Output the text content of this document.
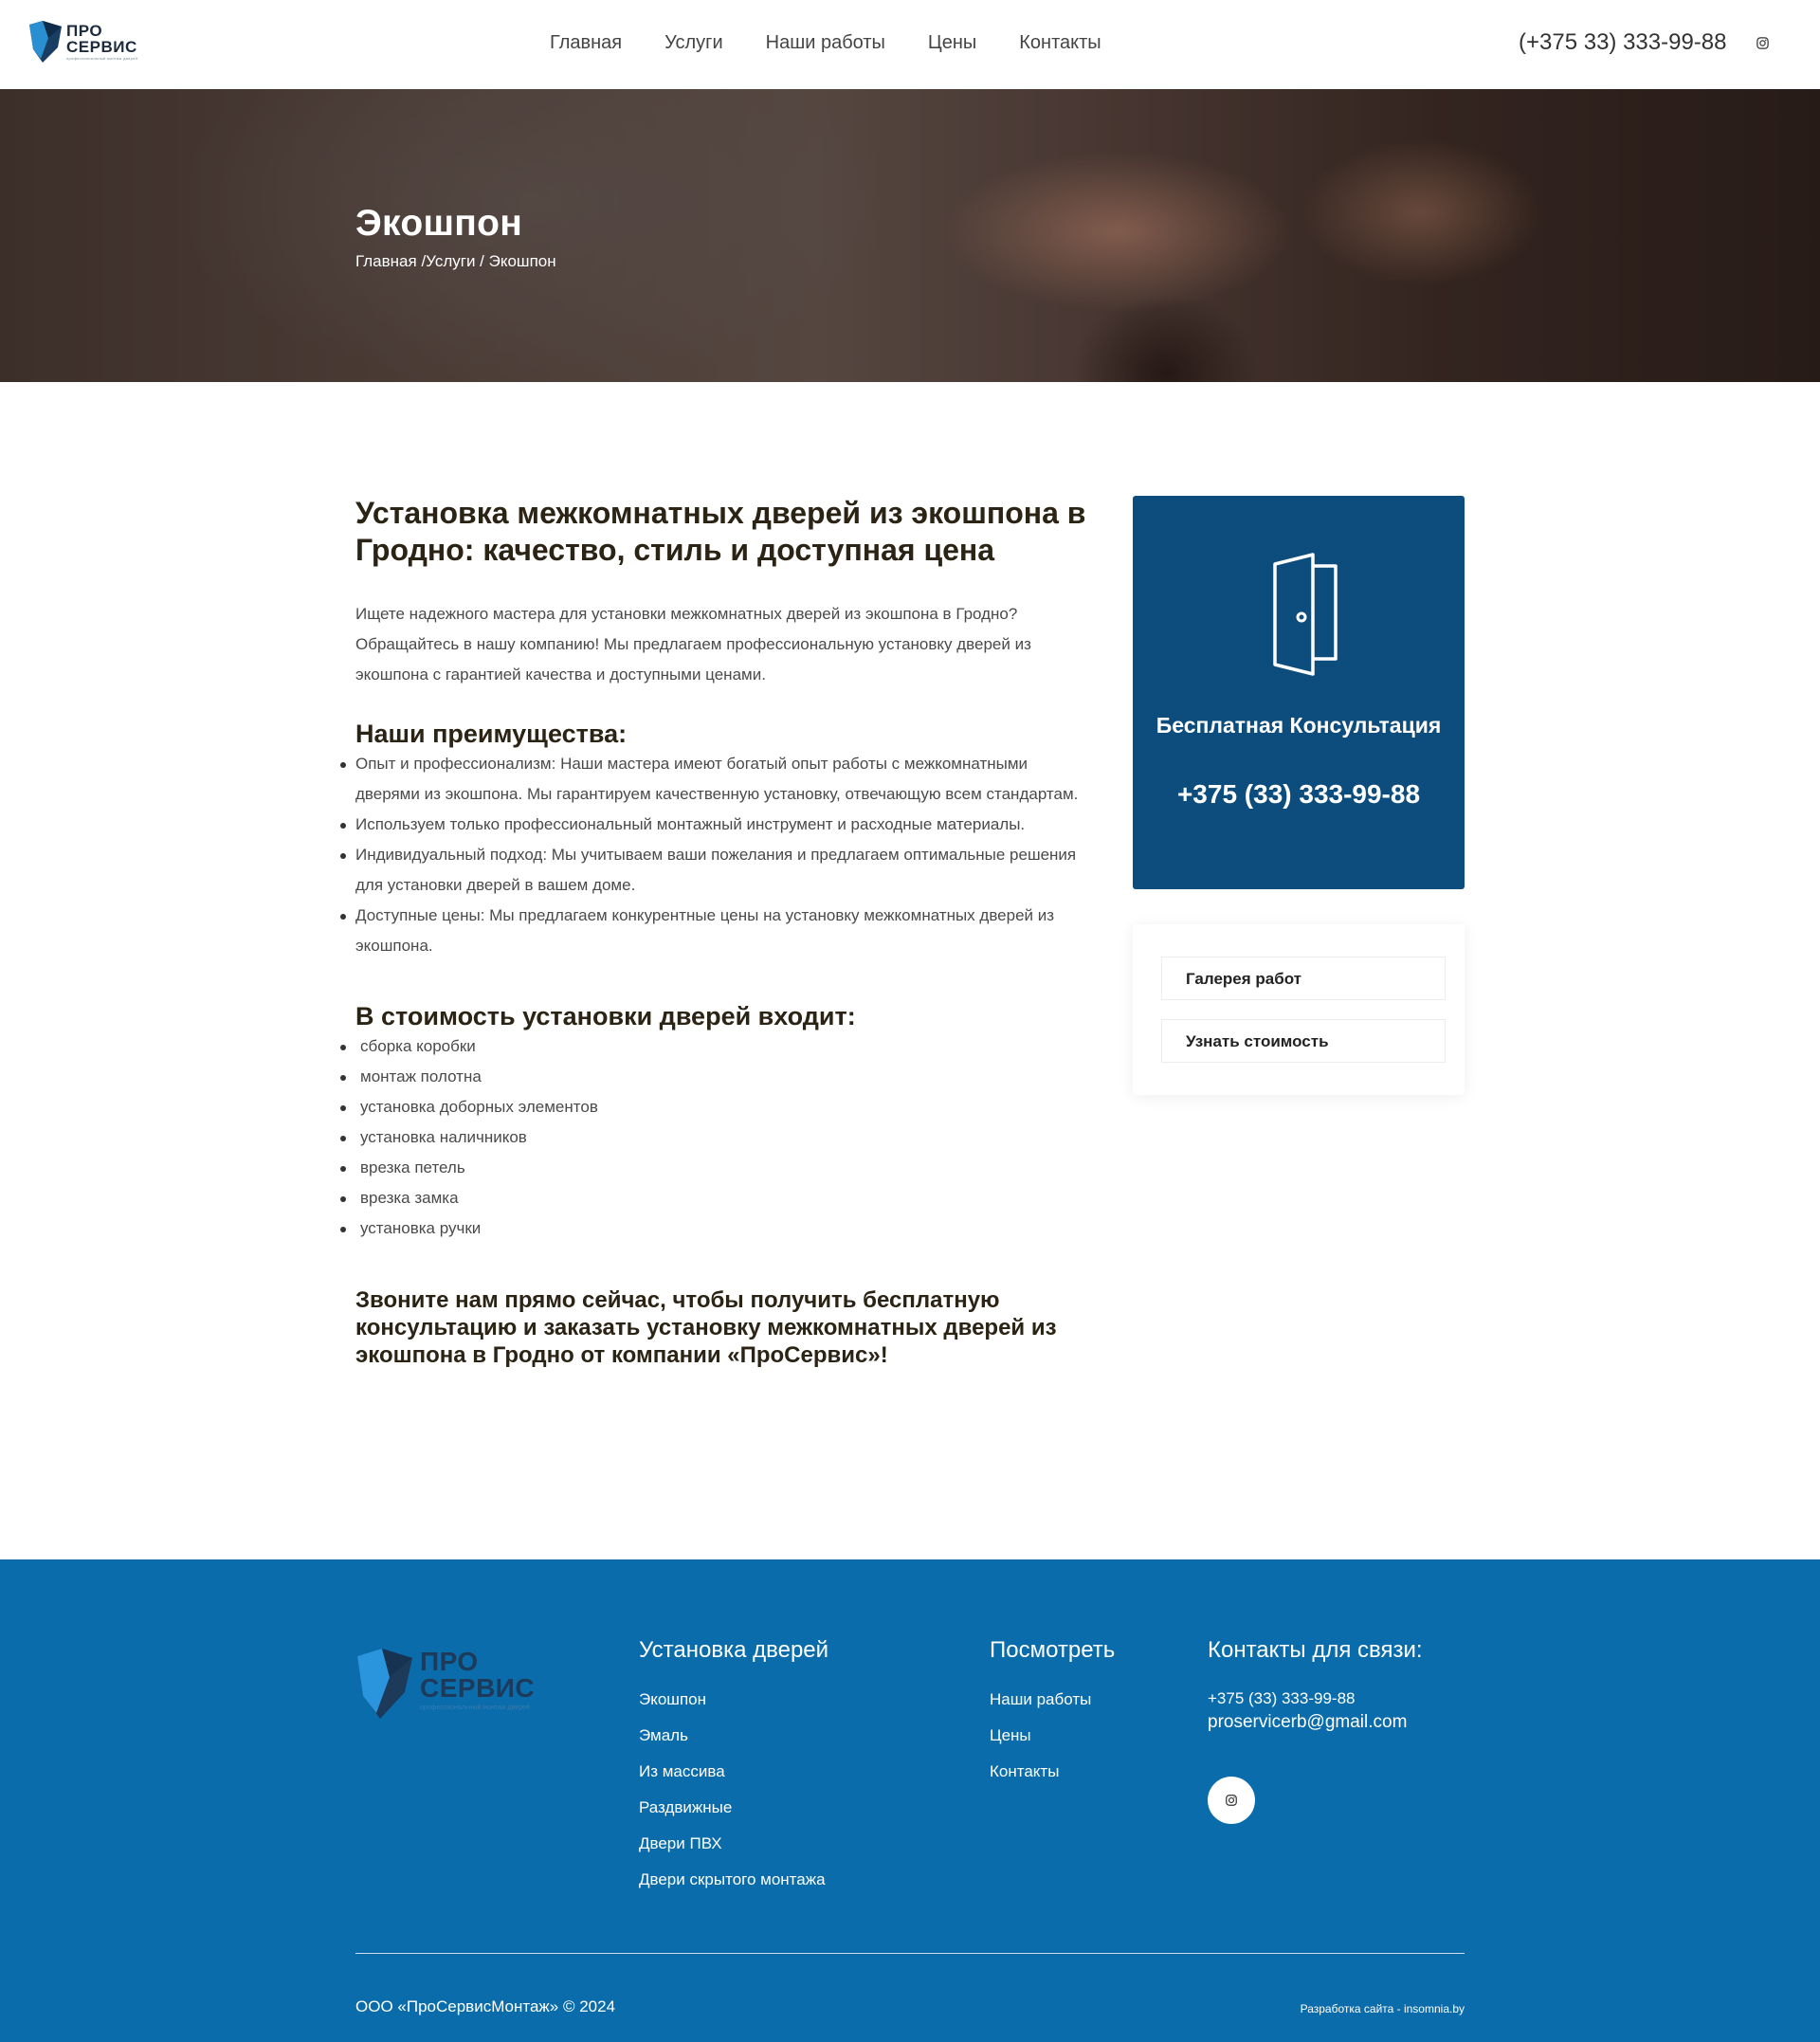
ПРО
СЕРВИС
профессиональный монтаж дверей
Главная Услуги Наши работы Цены Контакты	(+375 33) 333-99-88
Экошпон
Главная /Услуги / Экошпон
Установка межкомнатных дверей из экошпона в Гродно: качество, стиль и доступная цена

Ищете надежного мастера для установки межкомнатных дверей из экошпона в Гродно? Обращайтесь в нашу компанию! Мы предлагаем профессиональную установку дверей из экошпона с гарантией качества и доступными ценами.

Наши преимущества:
Опыт и профессионализм: Наши мастера имеют богатый опыт работы с межкомнатными дверями из экошпона. Мы гарантируем качественную установку, отвечающую всем стандартам.
Используем только профессиональный монтажный инструмент и расходные материалы.
Индивидуальный подход: Мы учитываем ваши пожелания и предлагаем оптимальные решения для установки дверей в вашем доме.
Доступные цены: Мы предлагаем конкурентные цены на установку межкомнатных дверей из экошпона.
В стоимость установки дверей входит:
сборка коробки
монтаж полотна
установка доборных элементов
установка наличников
врезка петель
врезка замка
установка ручки

Звоните нам прямо сейчас, чтобы получить бесплатную консультацию и заказать установку межкомнатных дверей из экошпона в Гродно от компании «ПроСервис»!

Бесплатная Консультация
+375 (33) 333-99-88
Галерея работ
Узнать стоимость
ПРО
СЕРВИС
профессиональный монтаж дверей
Установка дверей
Экошпон
Эмаль
Из массива
Раздвижные
Двери ПВХ
Двери скрытого монтажа
Посмотреть
Наши работы
Цены
Контакты
Контакты для связи:
+375 (33) 333-99-88
proservicerb@gmail.com
ООО «ПроСервисМонтаж» © 2024	Разработка сайта - insomnia.by
